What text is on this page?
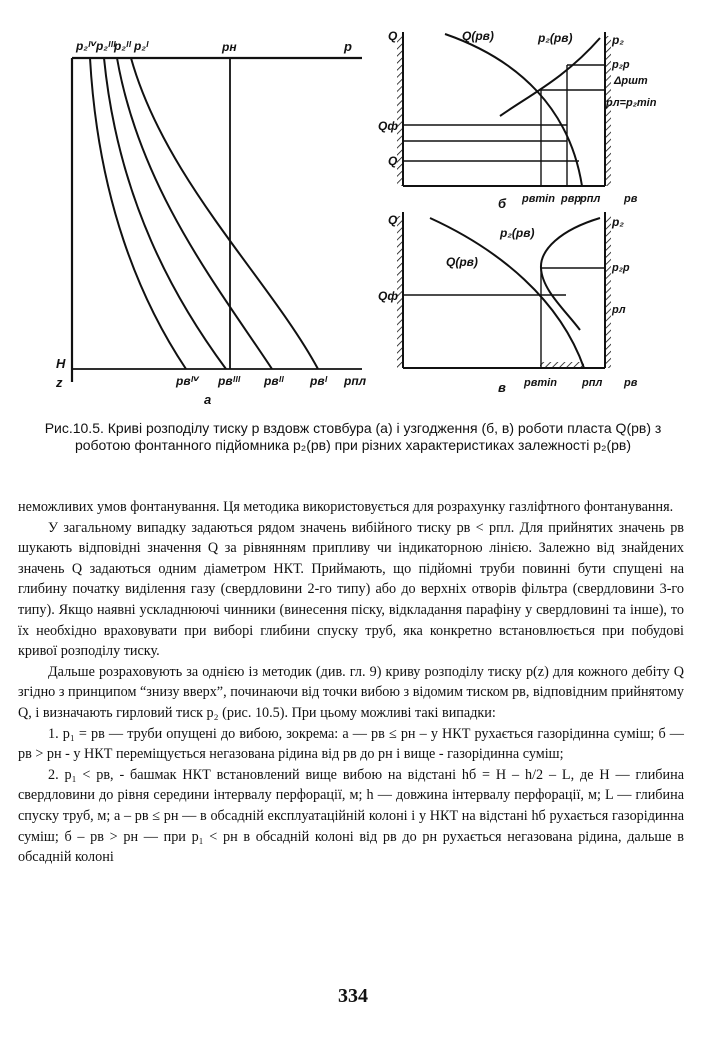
p₂ᴵⱽ p₂ᴵᴵᴵ
p₂ᴵᴵ p₂ᴵ	pн	p
H
z	pвᴵⱽ pвᴵᴵᴵ pвᴵᴵ pвᴵ pпл
а
Q
Qф
Q
Q(pв)	p₂(pв)	p₂
p₂р
Δpшт
pл=p₂min
pвmin pвр
pпл pв
б
Q
Qф
p₂(pв)
Q(pв)
p₂
p₂р
pл
pвmin pпл pв
в
Рис.10.5. Криві розподілу тиску p вздовж стовбура (а) і узгодження (б, в) роботи пласта Q(pв) з роботою фонтанного підйомника p₂(pв) при різних характеристиках залежності p₂(pв)

неможливих умов фонтанування. Ця методика використовується для розрахунку газліфтного фонтанування.

У загальному випадку задаються рядом значень вибійного тиску pв < pпл. Для прийнятих значень pв шукають відповідні значення Q за рівнянням припливу чи індикаторною лінією. Залежно від знайдених значень Q задаються одним діаметром НКТ. Приймають, що підйомні труби повинні бути спущені на глибину початку виділення газу (свердловини 2-го типу) або до верхніх отворів фільтра (свердловини 3-го типу). Якщо наявні ускладнюючі чинники (винесення піску, відкладання парафіну у свердловині та інше), то їх необхідно враховувати при виборі глибини спуску труб, яка конкретно встановлюється при побудові кривої розподілу тиску.

Дальше розраховують за однією із методик (див. гл. 9) криву розподілу тиску p(z) для кожного дебіту Q згідно з принципом “знизу вверх”, починаючи від точки вибою з відомим тиском pв, відповідним прийнятому Q, і визначають гирловий тиск p₂ (рис. 10.5). При цьому можливі такі випадки:

1. p₁ = pв — труби опущені до вибою, зокрема: а — pв ≤ pн – у НКТ рухається газорідинна суміш; б — pв > pн - у НКТ переміщується негазована рідина від pв до pн і вище - газорідинна суміш;

2. p₁ < pв, - башмак НКТ встановлений вище вибою на відстані hб = H – h/2 – L, де H — глибина свердловини до рівня середини інтервалу перфорації, м; h — довжина інтервалу перфорації, м; L — глибина спуску труб, м; а – pв ≤ pн — в обсадній експлуатаційній колоні і у НКТ на відстані hб рухається газорідинна суміш; б – pв > pн — при p₁ < pн в обсадній колоні від pв до pн рухається негазована рідина, дальше в обсадній колоні

334
